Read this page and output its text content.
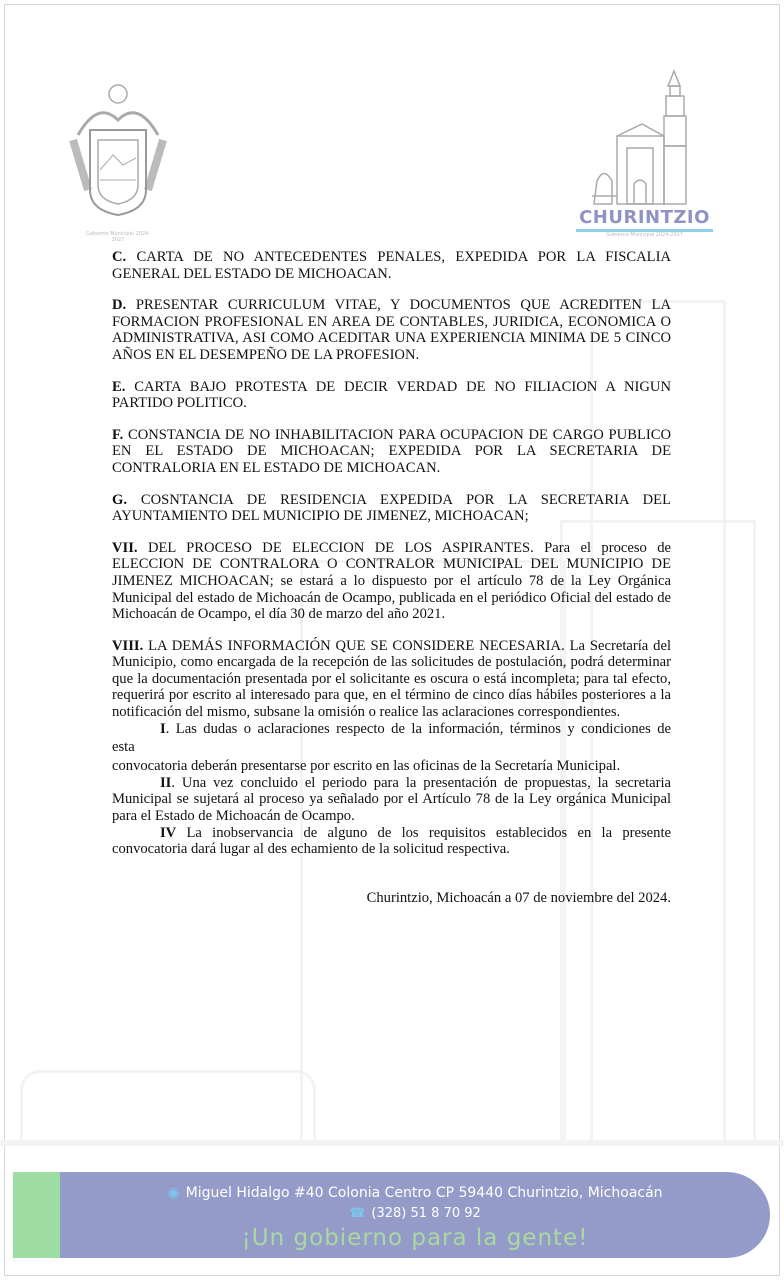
Gobierno Municipal 2024-2027
CHURINTZIO
Gobierno Municipal 2024-2027
C. CARTA DE NO ANTECEDENTES PENALES, EXPEDIDA POR LA FISCALIA GENERAL DEL ESTADO DE MICHOACAN.
D. PRESENTAR CURRICULUM VITAE, Y DOCUMENTOS QUE ACREDITEN LA FORMACION PROFESIONAL EN AREA DE CONTABLES, JURIDICA, ECONOMICA O ADMINISTRATIVA, ASI COMO ACEDITAR UNA EXPERIENCIA MINIMA DE 5 CINCO AÑOS EN EL DESEMPEÑO DE LA PROFESION.
E. CARTA BAJO PROTESTA DE DECIR VERDAD DE NO FILIACION A NIGUN PARTIDO POLITICO.
F. CONSTANCIA DE NO INHABILITACION PARA OCUPACION DE CARGO PUBLICO EN EL ESTADO DE MICHOACAN; EXPEDIDA POR LA SECRETARIA DE CONTRALORIA EN EL ESTADO DE MICHOACAN.
G. COSNTANCIA DE RESIDENCIA EXPEDIDA POR LA SECRETARIA DEL AYUNTAMIENTO DEL MUNICIPIO DE JIMENEZ, MICHOACAN;
VII. DEL PROCESO DE ELECCION DE LOS ASPIRANTES. Para el proceso de ELECCION DE CONTRALORA O CONTRALOR MUNICIPAL DEL MUNICIPIO DE JIMENEZ MICHOACAN; se estará a lo dispuesto por el artículo 78 de la Ley Orgánica Municipal del estado de Michoacán de Ocampo, publicada en el periódico Oficial del estado de Michoacán de Ocampo, el día 30 de marzo del año 2021.
VIII. LA DEMÁS INFORMACIÓN QUE SE CONSIDERE NECESARIA. La Secretaría del Municipio, como encargada de la recepción de las solicitudes de postulación, podrá determinar que la documentación presentada por el solicitante es oscura o está incompleta; para tal efecto, requerirá por escrito al interesado para que, en el término de cinco días hábiles posteriores a la notificación del mismo, subsane la omisión o realice las aclaraciones correspondientes.
I. Las dudas o aclaraciones respecto de la información, términos y condiciones de
esta
convocatoria deberán presentarse por escrito en las oficinas de la Secretaría Municipal.
II. Una vez concluido el periodo para la presentación de propuestas, la secretaria Municipal se sujetará al proceso ya señalado por el Artículo 78 de la Ley orgánica Municipal para el Estado de Michoacán de Ocampo.
IV La inobservancia de alguno de los requisitos establecidos en la presente convocatoria dará lugar al des echamiento de la solicitud respectiva.
Churintzio, Michoacán a 07 de noviembre del 2024.
◉ Miguel Hidalgo #40 Colonia Centro CP 59440 Churintzio, Michoacán
☎ (328) 51 8 70 92
¡Un gobierno para la gente!
